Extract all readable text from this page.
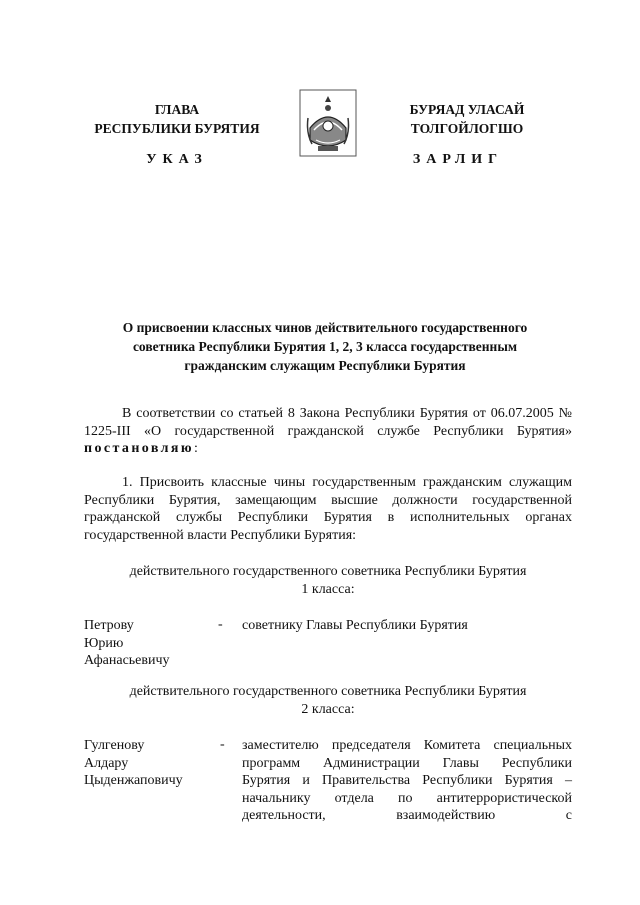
ГЛАВА
РЕСПУБЛИКИ БУРЯТИЯ
БУРЯАД УЛАСАЙ
ТОЛГОЙЛОГШО
УКАЗ	ЗАРЛИГ
О присвоении классных чинов действительного государственного
советника Республики Бурятия 1, 2, 3 класса государственным
гражданским служащим Республики Бурятия
В соответствии со статьей 8 Закона Республики Бурятия от 06.07.2005 № 1225-III «О государственной гражданской службе Республики Бурятия» постановляю:
1. Присвоить классные чины государственным гражданским служащим Республики Бурятия, замещающим высшие должности государственной гражданской службы Республики Бурятия в исполнительных органах государственной власти Республики Бурятия:
действительного государственного советника Республики Бурятия
1 класса:
Петрову
Юрию
Афанасьевичу
- советнику Главы Республики Бурятия
действительного государственного советника Республики Бурятия
2 класса:
Гулгенову
Алдару
Цыденжаповичу
- заместителю председателя Комитета специальных
программ Администрации Главы Республики
Бурятия и Правительства Республики Бурятия –
начальнику отдела по антитеррористической
деятельности, взаимодействию с
